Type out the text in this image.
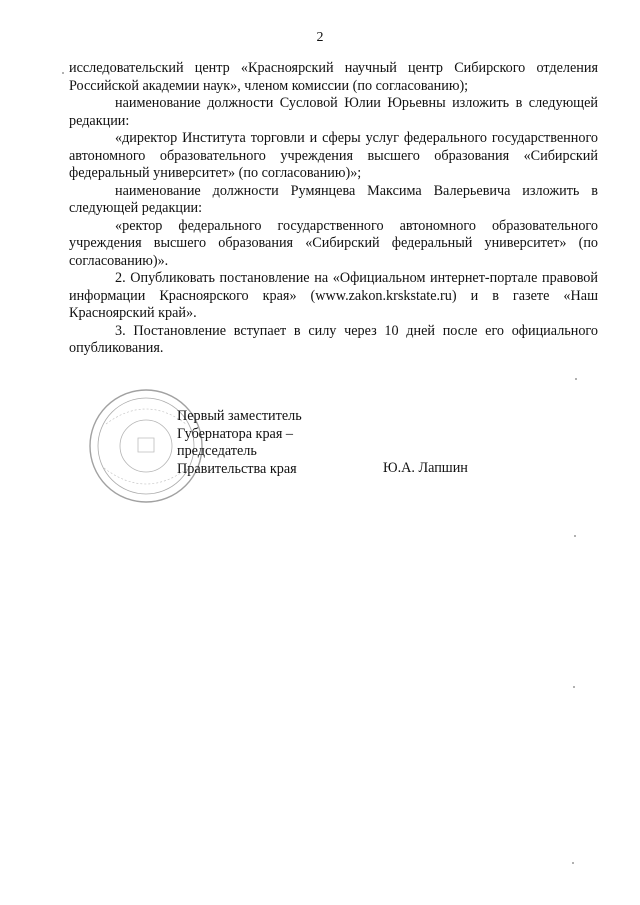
2

исследовательский центр «Красноярский научный центр Сибирского отделения Российской академии наук», членом комиссии (по согласованию);

наименование должности Сусловой Юлии Юрьевны изложить в следующей редакции:

«директор Института торговли и сферы услуг федерального государственного автономного образовательного учреждения высшего образования «Сибирский федеральный университет» (по согласованию)»;

наименование должности Румянцева Максима Валерьевича изложить в следующей редакции:

«ректор федерального государственного автономного образовательного учреждения высшего образования «Сибирский федеральный университет» (по согласованию)».

2. Опубликовать постановление на «Официальном интернет-портале правовой информации Красноярского края» (www.zakon.krskstate.ru) и в газете «Наш Красноярский край».

3. Постановление вступает в силу через 10 дней после его официального опубликования.

Первый заместитель
Губернатора края –
председатель
Правительства края	Ю.А. Лапшин
